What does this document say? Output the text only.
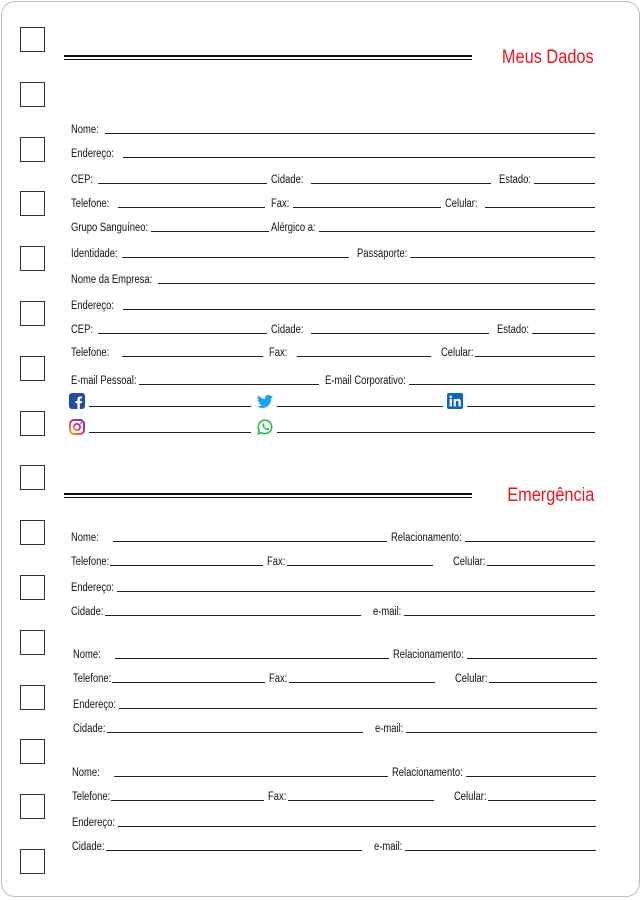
Meus Dados
Nome:
Endereço:
CEP:	Cidade:	Estado:
Telefone:	Fax:	Celular:
Grupo Sanguíneo:	Alérgico a:
Identidade:	Passaporte:
Nome da Empresa:
Endereço:
CEP:	Cidade:	Estado:
Telefone:	Fax:	Celular:
E-mail Pessoal:	E-mail Corporativo:
Emergência
Nome:	Relacionamento:
Telefone:	Fax:	Celular:
Endereço:
Cidade:	e-mail:
Nome:	Relacionamento:
Telefone:	Fax:	Celular:
Endereço:
Cidade:	e-mail:
Nome:	Relacionamento:
Telefone:	Fax:	Celular:
Endereço:
Cidade:	e-mail:
